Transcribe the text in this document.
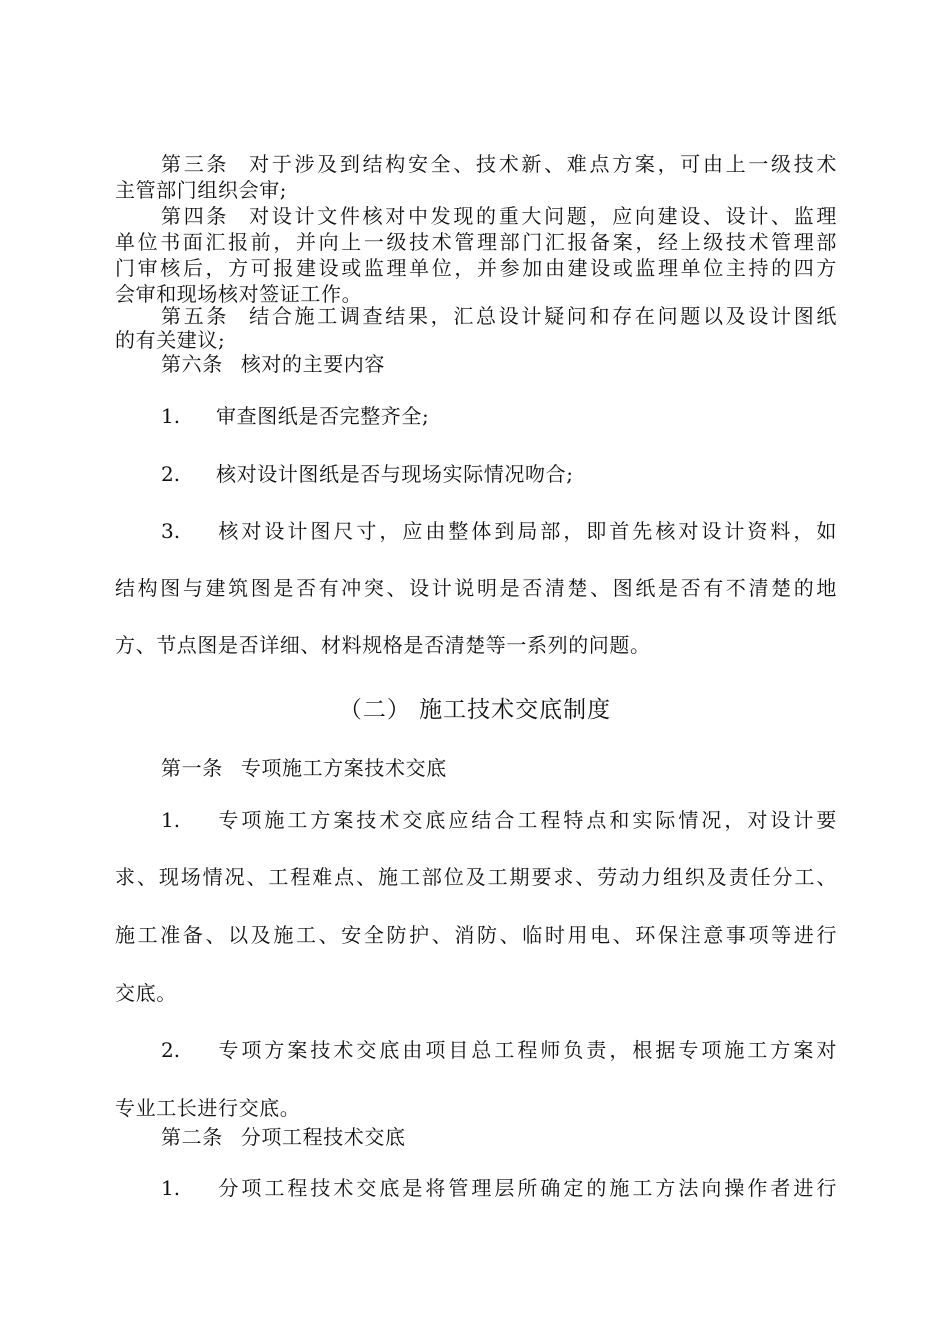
第三条 对于涉及到结构安全、技术新、难点方案，可由上一级技术
主管部门组织会审;
第四条 对设计文件核对中发现的重大问题，应向建设、设计、监理
单位书面汇报前，并向上一级技术管理部门汇报备案，经上级技术管理部
门审核后，方可报建设或监理单位，并参加由建设或监理单位主持的四方
会审和现场核对签证工作。
第五条 结合施工调查结果，汇总设计疑问和存在问题以及设计图纸
的有关建议;
第六条 核对的主要内容
1. 审查图纸是否完整齐全;
2. 核对设计图纸是否与现场实际情况吻合;
3. 核对设计图尺寸，应由整体到局部，即首先核对设计资料，如
结构图与建筑图是否有冲突、设计说明是否清楚、图纸是否有不清楚的地
方、节点图是否详细、材料规格是否清楚等一系列的问题。
（二） 施工技术交底制度
第一条 专项施工方案技术交底
1. 专项施工方案技术交底应结合工程特点和实际情况，对设计要
求、现场情况、工程难点、施工部位及工期要求、劳动力组织及责任分工、
施工准备、以及施工、安全防护、消防、临时用电、环保注意事项等进行
交底。
2. 专项方案技术交底由项目总工程师负责，根据专项施工方案对
专业工长进行交底。
第二条 分项工程技术交底
1. 分项工程技术交底是将管理层所确定的施工方法向操作者进行
